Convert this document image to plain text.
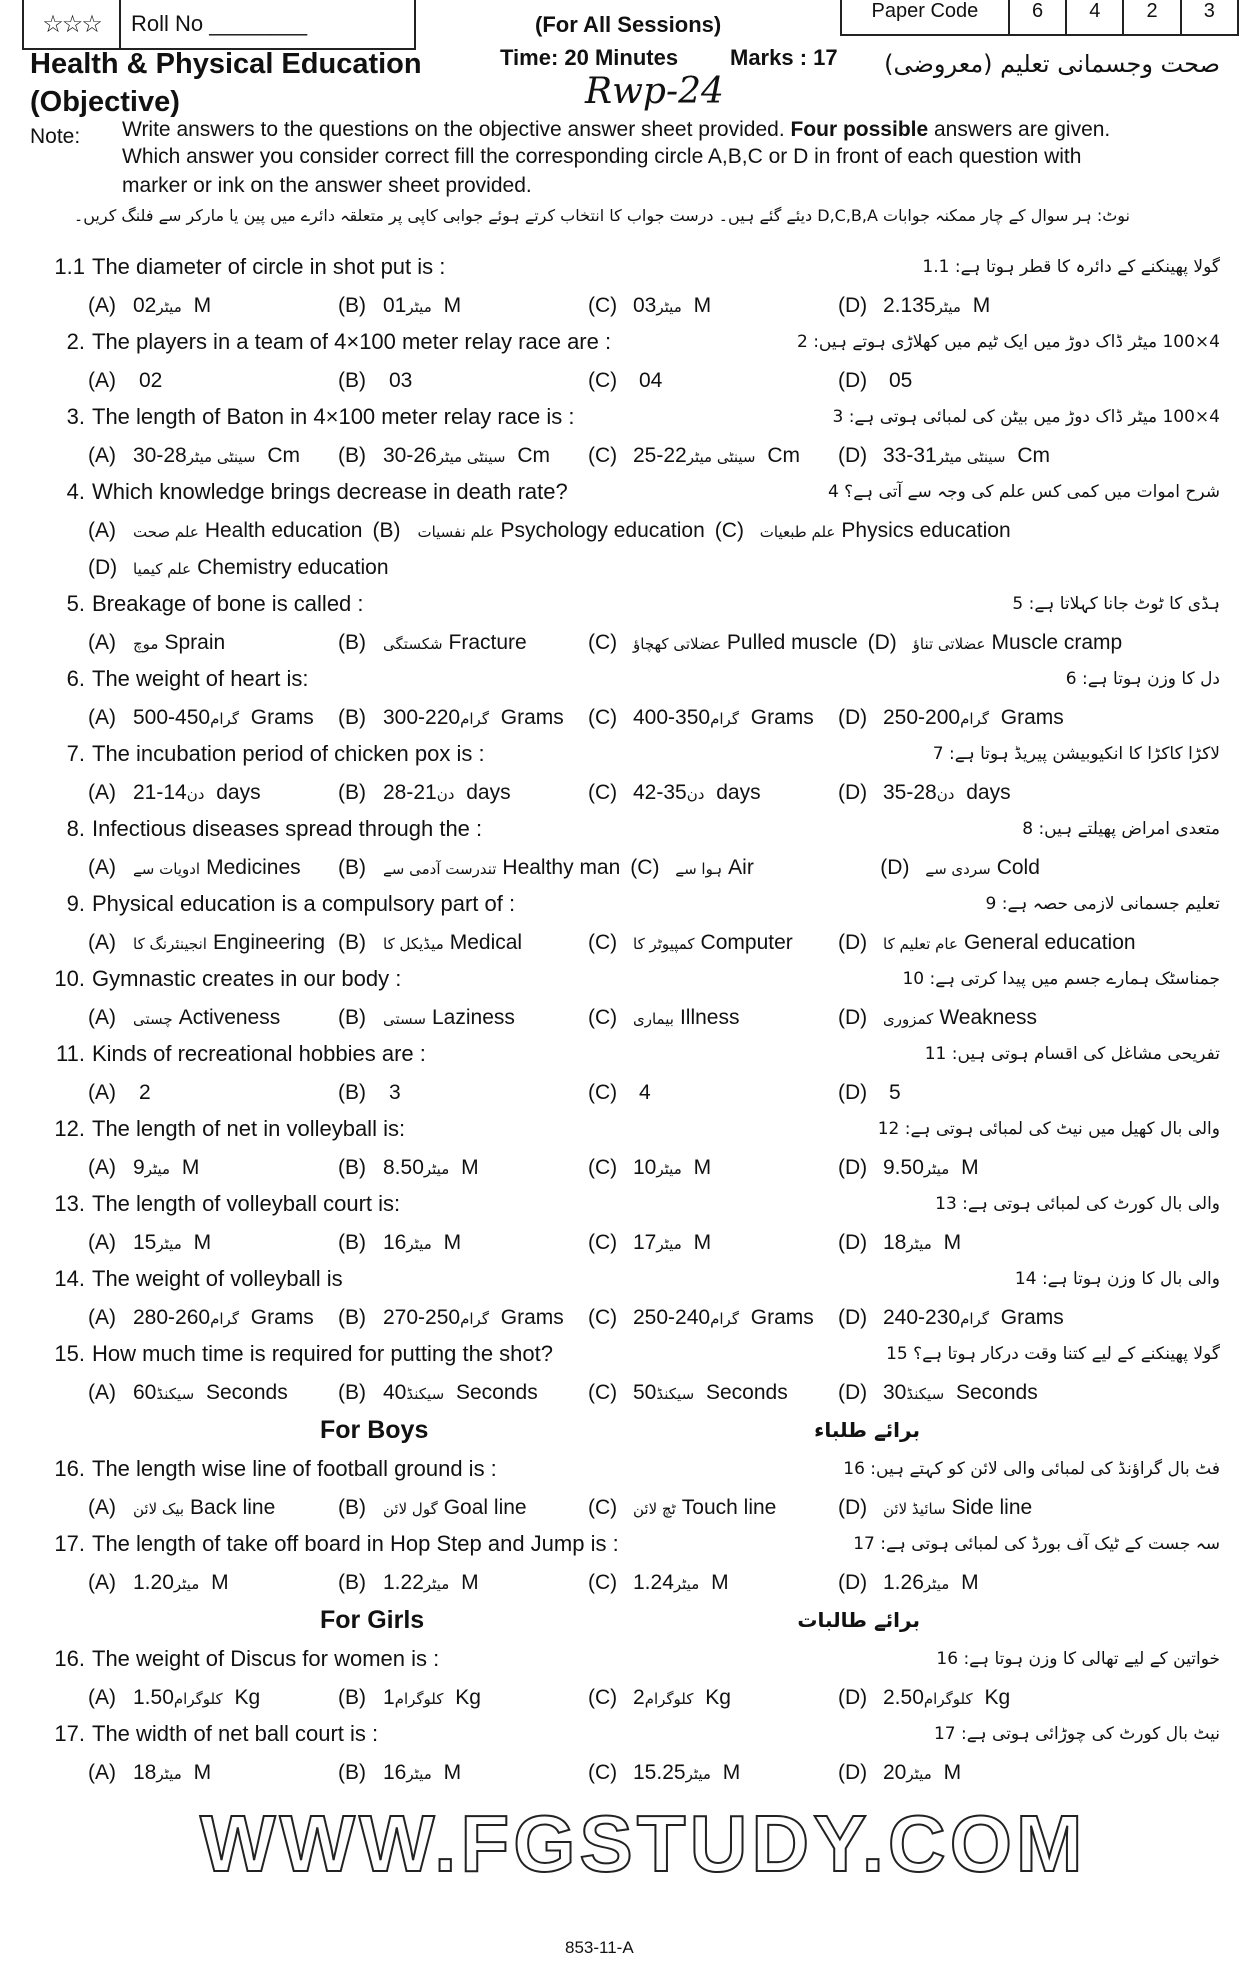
☆☆☆	Roll No ________	(For All Sessions)
Paper Code	6	4	2	3
Health & Physical Education
(Objective)
Time: 20 Minutes Marks : 17
Rwp-24
صحت وجسمانی تعلیم (معروضی)
Note: Write answers to the questions on the objective answer sheet provided. Four possible answers are given.
Which answer you consider correct fill the corresponding circle A,B,C or D in front of each question with
marker or ink on the answer sheet provided.
نوٹ: ہر سوال کے چار ممکنہ جوابات D,C,B,A دیئے گئے ہیں۔ درست جواب کا انتخاب کرتے ہوئے جوابی کاپی پر متعلقہ دائرے میں پین یا مارکر سے فلنگ کریں۔
1.1 The diameter of circle in shot put is :	گولا پھینکنے کے دائرہ کا قطر ہوتا ہے: 1.1
(A)	میٹر02 M	(B)	میٹر01 M	(C)	میٹر03 M	(D)	میٹر2.135 M
2. The players in a team of 4×100 meter relay race are :	4×100 میٹر ڈاک دوڑ میں ایک ٹیم میں کھلاڑی ہوتے ہیں: 2
(A) 02	(B) 03	(C) 04	(D) 05
3. The length of Baton in 4×100 meter relay race is :	4×100 میٹر ڈاک دوڑ میں بیٹن کی لمبائی ہوتی ہے: 3
(A)	سینٹی میٹر28-30 Cm	(B)	سینٹی میٹر26-30 Cm	(C)	سینٹی میٹر22-25 Cm	(D)	سینٹی میٹر31-33 Cm
4. Which knowledge brings decrease in death rate?	شرح اموات میں کمی کس علم کی وجہ سے آتی ہے؟ 4
(A) علم صحت Health education (B) علم نفسیات Psychology education (C) علم طبعیات Physics education
(D) علم کیمیا Chemistry education
5. Breakage of bone is called :	ہڈی کا ٹوٹ جانا کہلاتا ہے: 5
(A) موچ Sprain	(B) شکستگی Fracture	(C) عضلاتی کھچاؤ Pulled muscle (D) عضلاتی تناؤ Muscle cramp
6. The weight of heart is:	دل کا وزن ہوتا ہے: 6
(A)	گرام450-500 Grams	(B)	گرام220-300 Grams	(C)	گرام350-400 Grams	(D)	گرام200-250 Grams
7. The incubation period of chicken pox is :	لاکڑا کاکڑا کا انکیوبیشن پیریڈ ہوتا ہے: 7
(A)	دن14-21 days	(B)	دن21-28 days	(C)	دن35-42 days	(D)	دن28-35 days
8. Infectious diseases spread through the :	متعدی امراض پھیلتے ہیں: 8
(A) ادویات سے Medicines	(B) تندرست آدمی سے Healthy man (C) ہوا سے Air	(D) سردی سے Cold
9. Physical education is a compulsory part of :	تعلیم جسمانی لازمی حصہ ہے: 9
(A) انجینئرنگ کا Engineering (B) میڈیکل کا Medical	(C) کمپیوٹر کا Computer	(D) عام تعلیم کا General education
10. Gymnastic creates in our body :	جمناسٹک ہمارے جسم میں پیدا کرتی ہے: 10
(A) چستی Activeness	(B) سستی Laziness	(C) بیماری Illness	(D) کمزوری Weakness
11. Kinds of recreational hobbies are :	تفریحی مشاغل کی اقسام ہوتی ہیں: 11
(A) 2	(B) 3	(C) 4	(D) 5
12. The length of net in volleyball is:	والی بال کھیل میں نیٹ کی لمبائی ہوتی ہے: 12
(A) میٹر9 M	(B)	میٹر8.50 M	(C)	میٹر10 M	(D)	میٹر9.50 M
13. The length of volleyball court is:	والی بال کورٹ کی لمبائی ہوتی ہے: 13
(A)	میٹر15 M	(B)	میٹر16 M	(C)	میٹر17 M	(D)	میٹر18 M
14. The weight of volleyball is	والی بال کا وزن ہوتا ہے: 14
(A)	گرام260-280 Grams	(B)	گرام250-270 Grams	(C)	گرام240-250 Grams	(D)	گرام230-240 Grams
15. How much time is required for putting the shot?	گولا پھینکنے کے لیے کتنا وقت درکار ہوتا ہے؟ 15
(A)	سیکنڈ60 Seconds	(B)	سیکنڈ40 Seconds	(C)	سیکنڈ50 Seconds	(D)	سیکنڈ30 Seconds
For Boys	برائے طلباء
16. The length wise line of football ground is :	فٹ بال گراؤنڈ کی لمبائی والی لائن کو کہتے ہیں: 16
(A) بیک لائن Back line	(B) گول لائن Goal line	(C) ٹچ لائن Touch line	(D) سائیڈ لائن Side line
17. The length of take off board in Hop Step and Jump is :	سہ جست کے ٹیک آف بورڈ کی لمبائی ہوتی ہے: 17
(A)	میٹر1.20 M	(B)	میٹر1.22 M	(C)	میٹر1.24 M	(D)	میٹر1.26 M
For Girls	برائے طالبات
16. The weight of Discus for women is :	خواتین کے لیے تھالی کا وزن ہوتا ہے: 16
(A)	کلوگرام1.50 Kg	(B) کلوگرام1 Kg	(C) کلوگرام2 Kg	(D)	کلوگرام2.50 Kg
17. The width of net ball court is :	نیٹ بال کورٹ کی چوڑائی ہوتی ہے: 17
(A)	میٹر18 M	(B)	میٹر16 M	(C)	میٹر15.25 M	(D)	میٹر20 M
WWW.FGSTUDY.COM
853-11-A
